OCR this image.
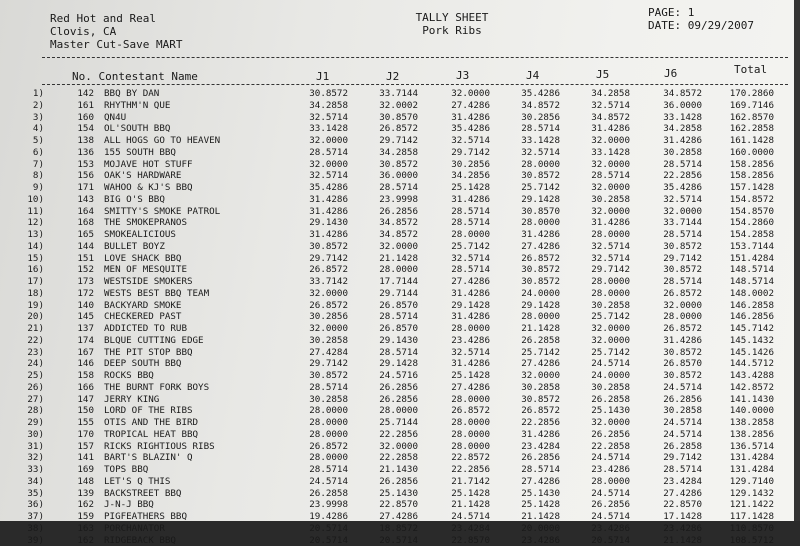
Red Hot and Real
Clovis, CA
Master Cut-Save MART
TALLY SHEET
Pork Ribs
PAGE: 1
DATE: 09/29/2007
No. Contestant Name	J1	J2	J3	J4	J5	J6	Total
1)	142 BBQ BY DAN	30.8572	33.7144	32.0000	35.4286	34.2858	34.8572	170.2860
2)	161 RHYTHM'N QUE	34.2858	32.0002	27.4286	34.8572	32.5714	36.0000	169.7146
3)	160 QN4U	32.5714	30.8570	31.4286	30.2856	34.8572	33.1428	162.8570
4)	154 OL'SOUTH BBQ	33.1428	26.8572	35.4286	28.5714	31.4286	34.2858	162.2858
5)	138 ALL HOGS GO TO HEAVEN	32.0000	29.7142	32.5714	33.1428	32.0000	31.4286	161.1428
6)	136 155 SOUTH BBQ	28.5714	34.2858	29.7142	32.5714	33.1428	30.2858	160.0000
7)	153 MOJAVE HOT STUFF	32.0000	30.8572	30.2856	28.0000	32.0000	28.5714	158.2856
8)	156 OAK'S HARDWARE	32.5714	36.0000	34.2856	30.8572	28.5714	22.2856	158.2856
9)	171 WAHOO & KJ'S BBQ	35.4286	28.5714	25.1428	25.7142	32.0000	35.4286	157.1428
10)	143 BIG O'S BBQ	31.4286	23.9998	31.4286	29.1428	30.2858	32.5714	154.8572
11)	164 SMITTY'S SMOKE PATROL	31.4286	26.2856	28.5714	30.8570	32.0000	32.0000	154.8570
12)	168 THE SMOKEPRANOS	29.1430	34.8572	28.5714	28.0000	31.4286	33.7144	154.2860
13)	165 SMOKEALICIOUS	31.4286	34.8572	28.0000	31.4286	28.0000	28.5714	154.2858
14)	144 BULLET BOYZ	30.8572	32.0000	25.7142	27.4286	32.5714	30.8572	153.7144
15)	151 LOVE SHACK BBQ	29.7142	21.1428	32.5714	26.8572	32.5714	29.7142	151.4284
16)	152 MEN OF MESQUITE	26.8572	28.0000	28.5714	30.8572	29.7142	30.8572	148.5714
17)	173 WESTSIDE SMOKERS	33.7142	17.7144	27.4286	30.8572	28.0000	28.5714	148.5714
18)	172 WESTS BEST BBQ TEAM	32.0000	29.7144	31.4286	24.0000	28.0000	26.8572	148.0002
19)	140 BACKYARD SMOKE	26.8572	26.8570	29.1428	29.1428	30.2858	32.0000	146.2858
20)	145 CHECKERED PAST	30.2856	28.5714	31.4286	28.0000	25.7142	28.0000	146.2856
21)	137 ADDICTED TO RUB	32.0000	26.8570	28.0000	21.1428	32.0000	26.8572	145.7142
22)	174 BLQUE CUTTING EDGE	30.2858	29.1430	23.4286	26.2858	32.0000	31.4286	145.1432
23)	167 THE PIT STOP BBQ	27.4284	28.5714	32.5714	25.7142	25.7142	30.8572	145.1426
24)	146 DEEP SOUTH BBQ	29.7142	29.1428	31.4286	27.4286	24.5714	26.8570	144.5712
25)	158 ROCKS BBQ	30.8572	24.5716	25.1428	32.0000	24.0000	30.8572	143.4288
26)	166 THE BURNT FORK BOYS	28.5714	26.2856	27.4286	30.2858	30.2858	24.5714	142.8572
27)	147 JERRY KING	30.2858	26.2856	28.0000	30.8572	26.2858	26.2856	141.1430
28)	150 LORD OF THE RIBS	28.0000	28.0000	26.8572	26.8572	25.1430	30.2858	140.0000
29)	155 OTIS AND THE BIRD	28.0000	25.7144	28.0000	22.2856	32.0000	24.5714	138.2858
30)	170 TROPICAL HEAT BBQ	28.0000	22.2856	28.0000	31.4286	26.2856	24.5714	138.2856
31)	157 RICKS RIGHTIOUS RIBS	26.8572	32.0000	28.0000	23.4284	22.2858	26.2858	136.5714
32)	141 BART'S BLAZIN' Q	28.0000	22.2858	22.8572	26.2856	24.5714	29.7142	131.4284
33)	169 TOPS BBQ	28.5714	21.1430	22.2856	28.5714	23.4286	28.5714	131.4284
34)	148 LET'S Q THIS	24.5714	26.2856	21.7142	27.4286	28.0000	23.4284	129.7140
35)	139 BACKSTREET BBQ	26.2858	25.1430	25.1428	25.1430	24.5714	27.4286	129.1432
36)	162 J-N-J BBQ	23.9998	22.8570	21.1428	25.1428	26.2856	22.8570	121.1422
37)	159 PIGFEATHERS BBQ	19.4286	27.4286	24.5714	21.1428	24.5714	17.1428	117.1428
38)	163 PORCHANATOR	20.5714	18.8572	23.4284	20.0000	23.4286	23.4286	110.8570
39)	162 RIDGEBACK BBQ	20.5714	20.5714	22.8570	23.4286	20.5714	21.1428	108.5712
